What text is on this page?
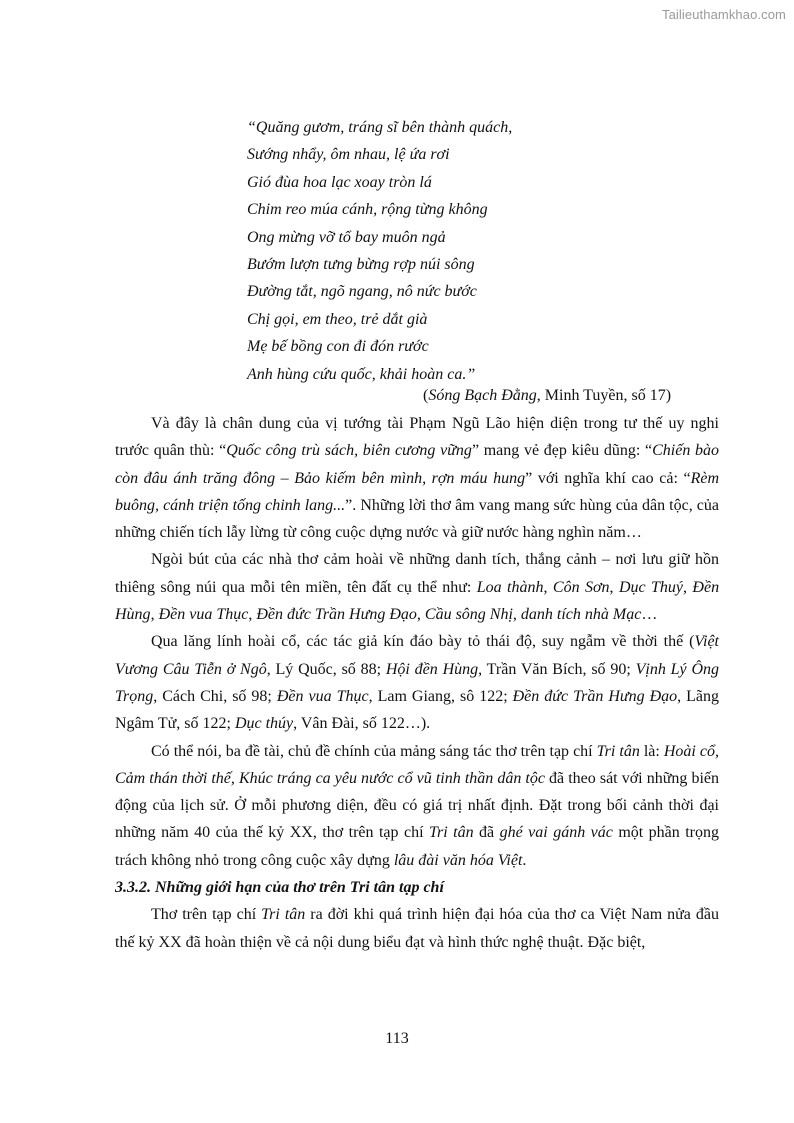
Tailieuthamkhao.com
“Quăng gươm, tráng sĩ bên thành quách,
Sướng nhẩy, ôm nhau, lệ ứa rơi
Gió đùa hoa lạc xoay tròn lá
Chim reo múa cánh, rộng từng không
Ong mừng vỡ tổ bay muôn ngả
Bướm lượn tưng bừng rợp núi sông
Đường tắt, ngõ ngang, nô nức bước
Chị gọi, em theo, trẻ dắt già
Mẹ bế bồng con đi đón rước
Anh hùng cứu quốc, khải hoàn ca.”
(Sóng Bạch Đằng, Minh Tuyền, số 17)

Và đây là chân dung của vị tướng tài Phạm Ngũ Lão hiện diện trong tư thế uy nghi trước quân thù: “Quốc công trù sách, biên cương vững” mang vẻ đẹp kiêu dũng: “Chiến bào còn đâu ánh trăng đông – Bảo kiếm bên mình, rợn máu hung” với nghĩa khí cao cả: “Rèm buông, cánh triện tống chinh lang...”. Những lời thơ âm vang mang sức hùng của dân tộc, của những chiến tích lẫy lừng từ công cuộc dựng nước và giữ nước hàng nghìn năm…

Ngòi bút của các nhà thơ cảm hoài về những danh tích, thắng cảnh – nơi lưu giữ hồn thiêng sông núi qua mỗi tên miền, tên đất cụ thể như: Loa thành, Côn Sơn, Dục Thuý, Đền Hùng, Đền vua Thục, Đền đức Trần Hưng Đạo, Cầu sông Nhị, danh tích nhà Mạc…

Qua lăng lính hoài cổ, các tác giả kín đáo bày tỏ thái độ, suy ngẫm về thời thế (Việt Vương Câu Tiễn ở Ngô, Lý Quốc, số 88; Hội đền Hùng, Trần Văn Bích, số 90; Vịnh Lý Ông Trọng, Cách Chi, số 98; Đền vua Thục, Lam Giang, sô 122; Đền đức Trần Hưng Đạo, Lãng Ngâm Tử, số 122; Dục thúy, Vân Đài, số 122…).

Có thể nói, ba đề tài, chủ đề chính của mảng sáng tác thơ trên tạp chí Tri tân là: Hoài cổ, Cảm thán thời thế, Khúc tráng ca yêu nước cổ vũ tinh thần dân tộc đã theo sát với những biến động của lịch sử. Ở mỗi phương diện, đều có giá trị nhất định. Đặt trong bối cảnh thời đại những năm 40 của thế kỷ XX, thơ trên tạp chí Tri tân đã ghé vai gánh vác một phần trọng trách không nhỏ trong công cuộc xây dựng lâu đài văn hóa Việt.

3.3.2. Những giới hạn của thơ trên Tri tân tạp chí

Thơ trên tạp chí Tri tân ra đời khi quá trình hiện đại hóa của thơ ca Việt Nam nửa đầu thế kỷ XX đã hoàn thiện về cả nội dung biểu đạt và hình thức nghệ thuật. Đặc biệt,

113
